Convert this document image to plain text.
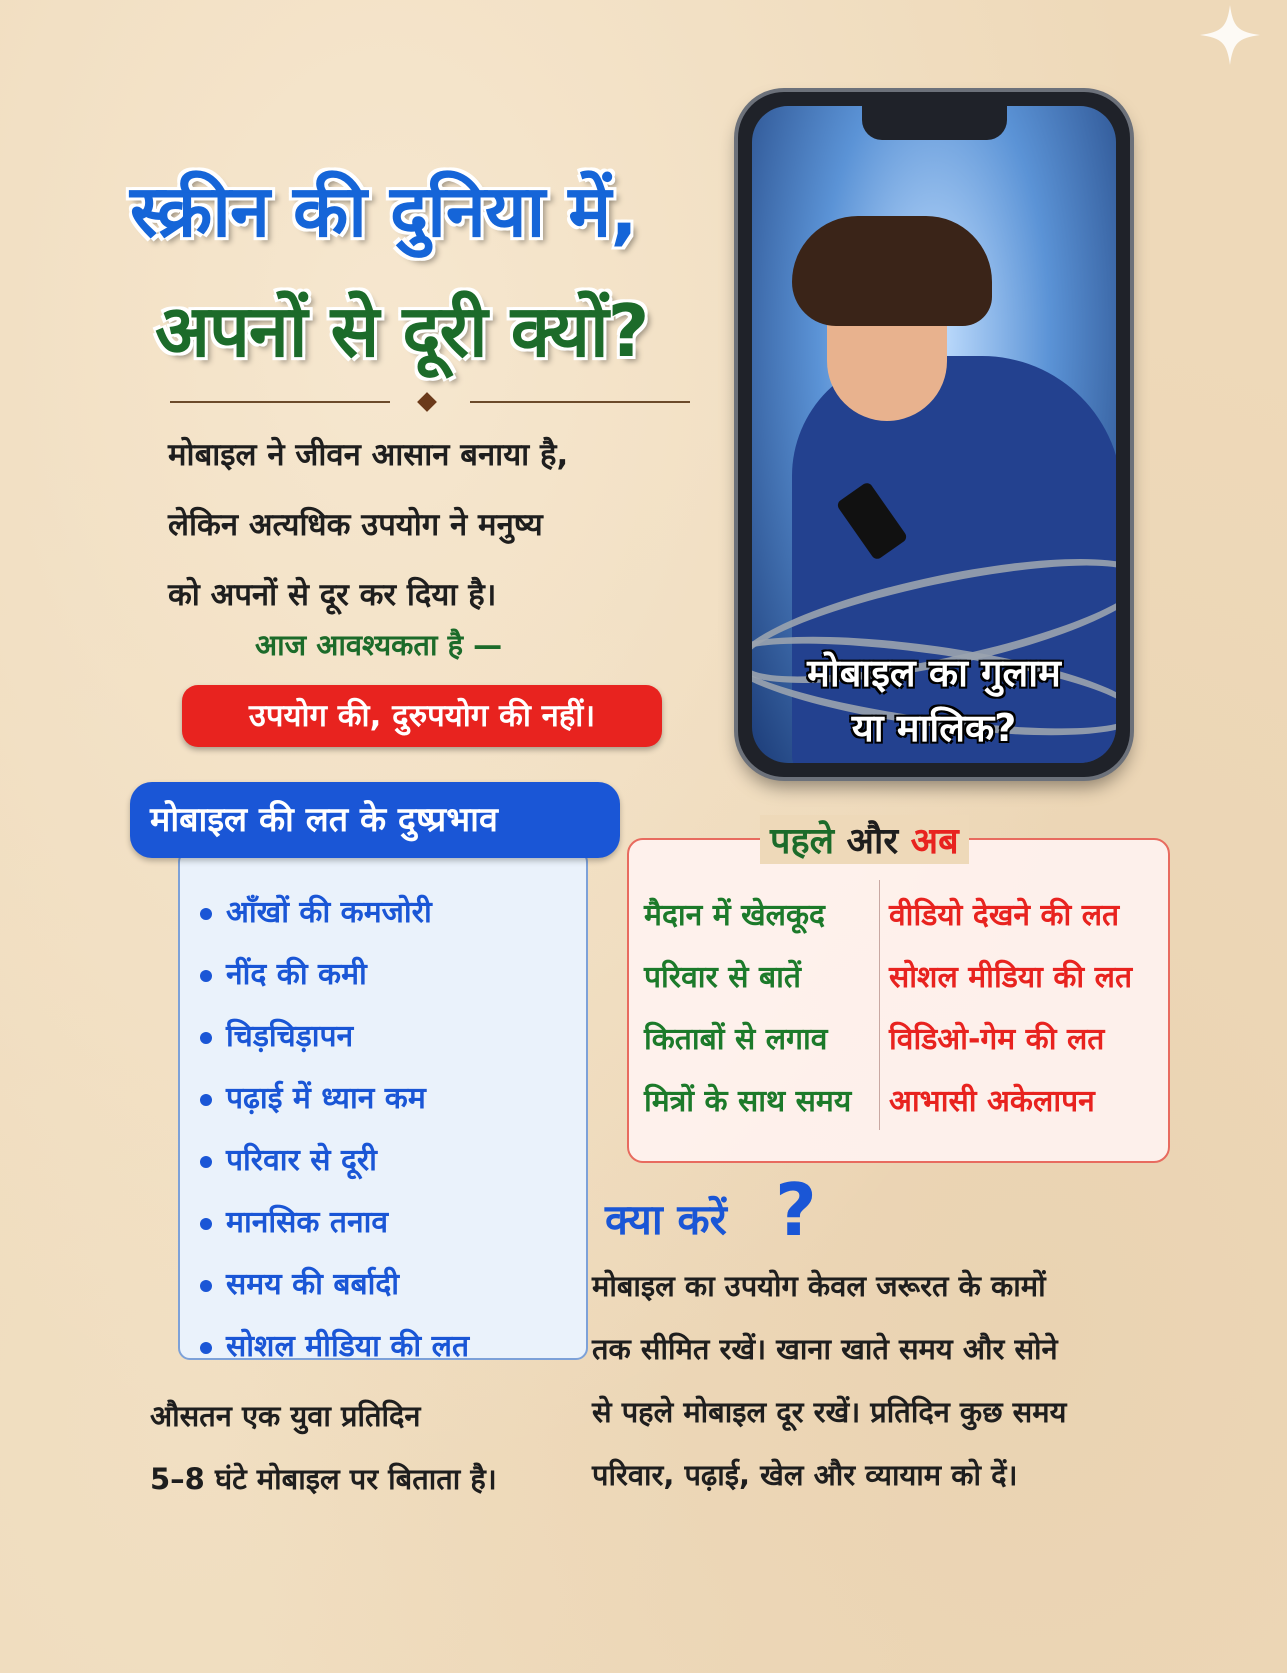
स्क्रीन की दुनिया में,
अपनों से दूरी क्यों?
मोबाइल ने जीवन आसान बनाया है,
लेकिन अत्यधिक उपयोग ने मनुष्य
को अपनों से दूर कर दिया है।
आज आवश्यकता है —
उपयोग की, दुरुपयोग की नहीं।
मोबाइल का गुलाम
या मालिक?
मोबाइल की लत के दुष्प्रभाव
आँखों की कमजोरी
नींद की कमी
चिड़चिड़ापन
पढ़ाई में ध्यान कम
परिवार से दूरी
मानसिक तनाव
समय की बर्बादी
सोशल मीडिया की लत
मैदान में खेलकूद
परिवार से बातें
किताबों से लगाव
मित्रों के साथ समय
वीडियो देखने की लत
सोशल मीडिया की लत
विडिओ-गेम की लत
आभासी अकेलापन
पहले और अब
क्या करें ?
मोबाइल का उपयोग केवल जरूरत के कामों
तक सीमित रखें। खाना खाते समय और सोने
से पहले मोबाइल दूर रखें। प्रतिदिन कुछ समय
परिवार, पढ़ाई, खेल और व्यायाम को दें।
औसतन एक युवा प्रतिदिन
5–8 घंटे मोबाइल पर बिताता है।
